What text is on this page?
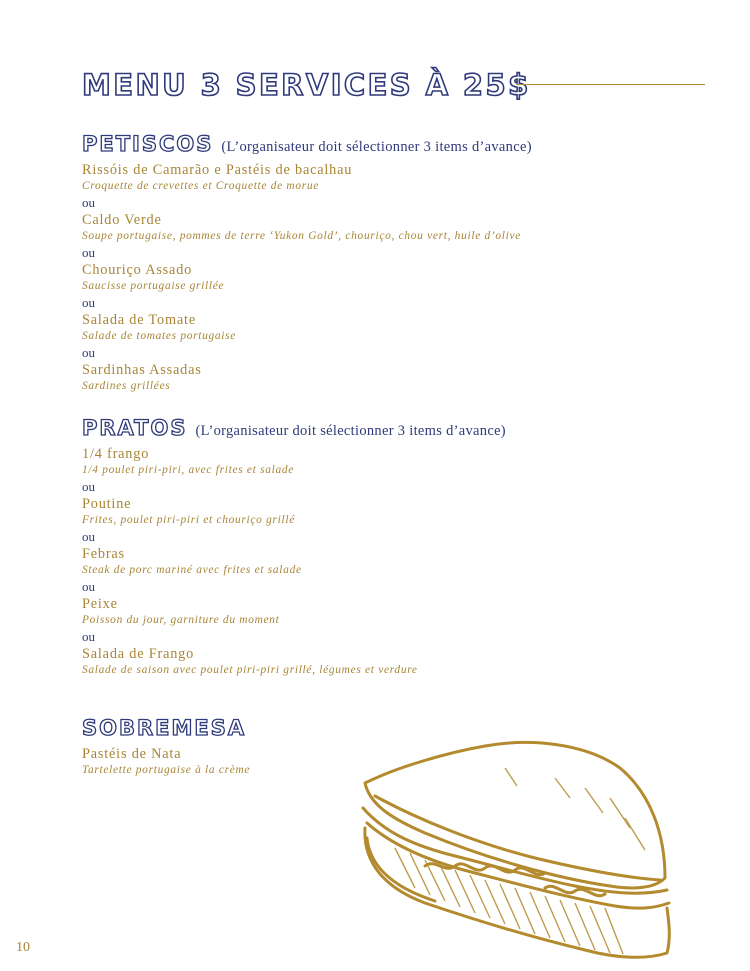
MENU 3 SERVICES À 25$
PETISCOS (L’organisateur doit sélectionner 3 items d’avance)
Rissóis de Camarão e Pastéis de bacalhau
Croquette de crevettes et Croquette de morue
ou
Caldo Verde
Soupe portugaise, pommes de terre ‘Yukon Gold’, chouriço, chou vert, huile d’olive
ou
Chouriço Assado
Saucisse portugaise grillée
ou
Salada de Tomate
Salade de tomates portugaise
ou
Sardinhas Assadas
Sardines grillées
PRATOS (L’organisateur doit sélectionner 3 items d’avance)
1/4 frango
1/4 poulet piri-piri, avec frites et salade
ou
Poutine
Frites, poulet piri-piri et chouriço grillé
ou
Febras
Steak de porc mariné avec frites et salade
ou
Peixe
Poisson du jour, garniture du moment
ou
Salada de Frango
Salade de saison avec poulet piri-piri grillé, légumes et verdure
SOBREMESA
Pastéis de Nata
Tartelette portugaise à la crème
10
